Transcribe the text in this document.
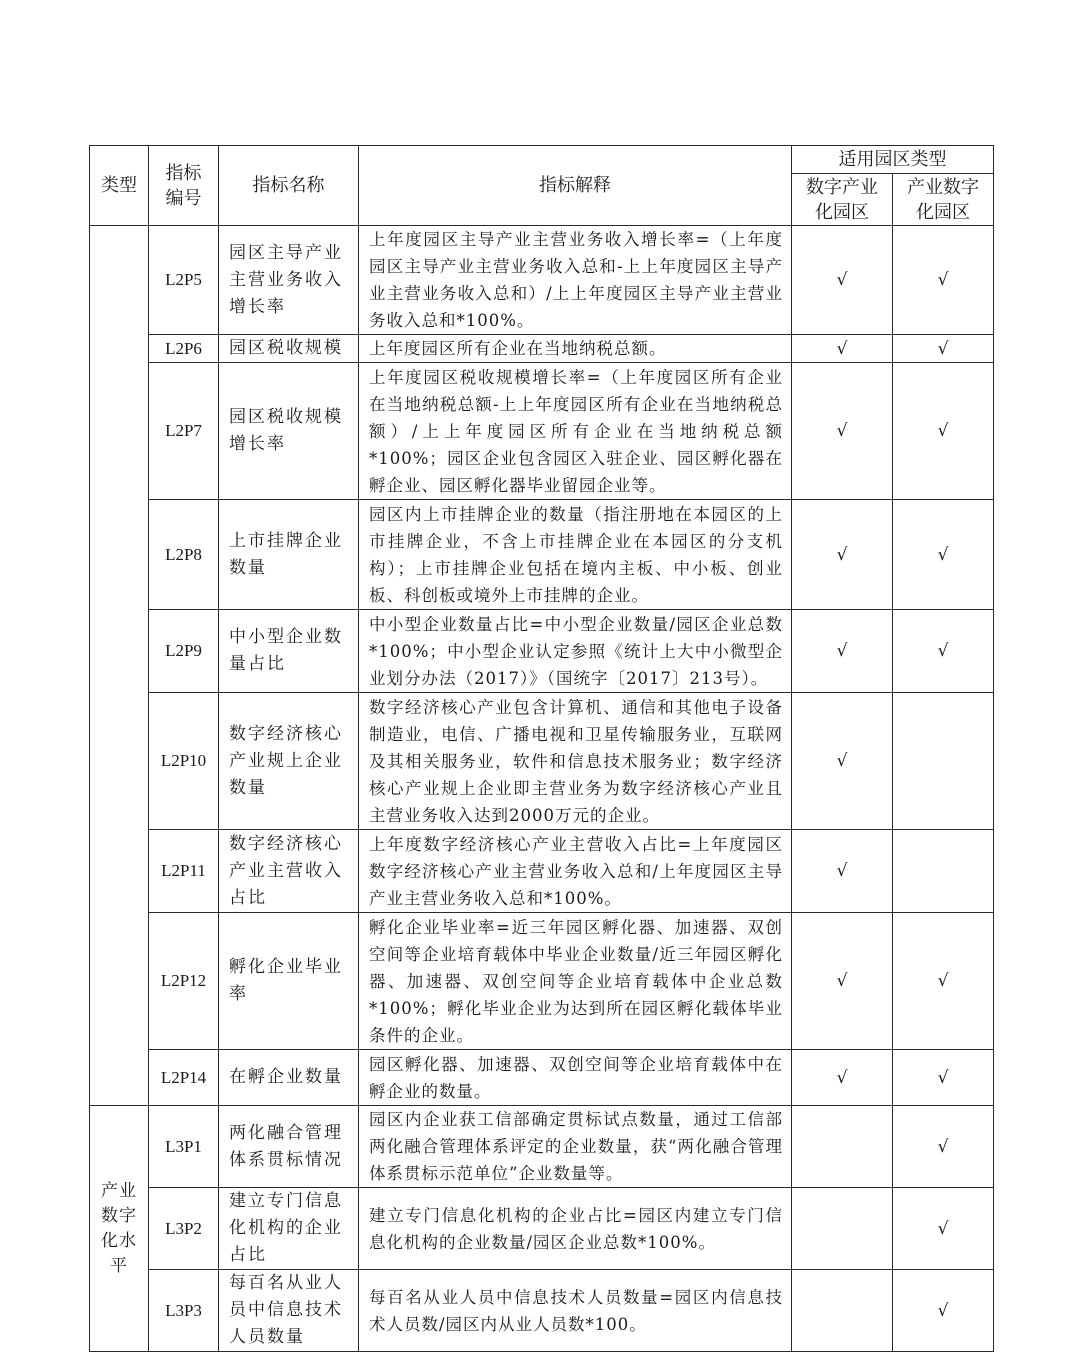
类型	指标编号	指标名称	指标解释	适用园区类型	
				数字产业化园区	产业数字化园区
	L2P5	园区主导产业主营业务收入增长率	上年度园区主导产业主营业务收入增长率=（上年度园区主导产业主营业务收入总和-上上年度园区主导产业主营业务收入总和）/上上年度园区主导产业主营业务收入总和*100%。	√	√
	L2P6	园区税收规模	上年度园区所有企业在当地纳税总额。	√	√
	L2P7	园区税收规模增长率	上年度园区税收规模增长率=（上年度园区所有企业在当地纳税总额-上上年度园区所有企业在当地纳税总额）/上上年度园区所有企业在当地纳税总额*100%；园区企业包含园区入驻企业、园区孵化器在孵企业、园区孵化器毕业留园企业等。	√	√
	L2P8	上市挂牌企业数量	园区内上市挂牌企业的数量（指注册地在本园区的上市挂牌企业，不含上市挂牌企业在本园区的分支机构）；上市挂牌企业包括在境内主板、中小板、创业板、科创板或境外上市挂牌的企业。	√	√
	L2P9	中小型企业数量占比	中小型企业数量占比=中小型企业数量/园区企业总数*100%；中小型企业认定参照《统计上大中小微型企业划分办法（2017）》（国统字〔2017〕213号）。	√	√
	L2P10	数字经济核心产业规上企业数量	数字经济核心产业包含计算机、通信和其他电子设备制造业，电信、广播电视和卫星传输服务业，互联网及其相关服务业，软件和信息技术服务业；数字经济核心产业规上企业即主营业务为数字经济核心产业且主营业务收入达到2000万元的企业。	√	
	L2P11	数字经济核心产业主营收入占比	上年度数字经济核心产业主营收入占比=上年度园区数字经济核心产业主营业务收入总和/上年度园区主导产业主营业务收入总和*100%。	√	
	L2P12	孵化企业毕业率	孵化企业毕业率=近三年园区孵化器、加速器、双创空间等企业培育载体中毕业企业数量/近三年园区孵化器、加速器、双创空间等企业培育载体中企业总数*100%；孵化毕业企业为达到所在园区孵化载体毕业条件的企业。	√	√
	L2P14	在孵企业数量	园区孵化器、加速器、双创空间等企业培育载体中在孵企业的数量。	√	√
产业数字化水平	L3P1	两化融合管理体系贯标情况	园区内企业获工信部确定贯标试点数量，通过工信部两化融合管理体系评定的企业数量，获“两化融合管理体系贯标示范单位”企业数量等。		√
	L3P2	建立专门信息化机构的企业占比	建立专门信息化机构的企业占比=园区内建立专门信息化机构的企业数量/园区企业总数*100%。		√
	L3P3	每百名从业人员中信息技术人员数量	每百名从业人员中信息技术人员数量=园区内信息技术人员数/园区内从业人员数*100。		√
